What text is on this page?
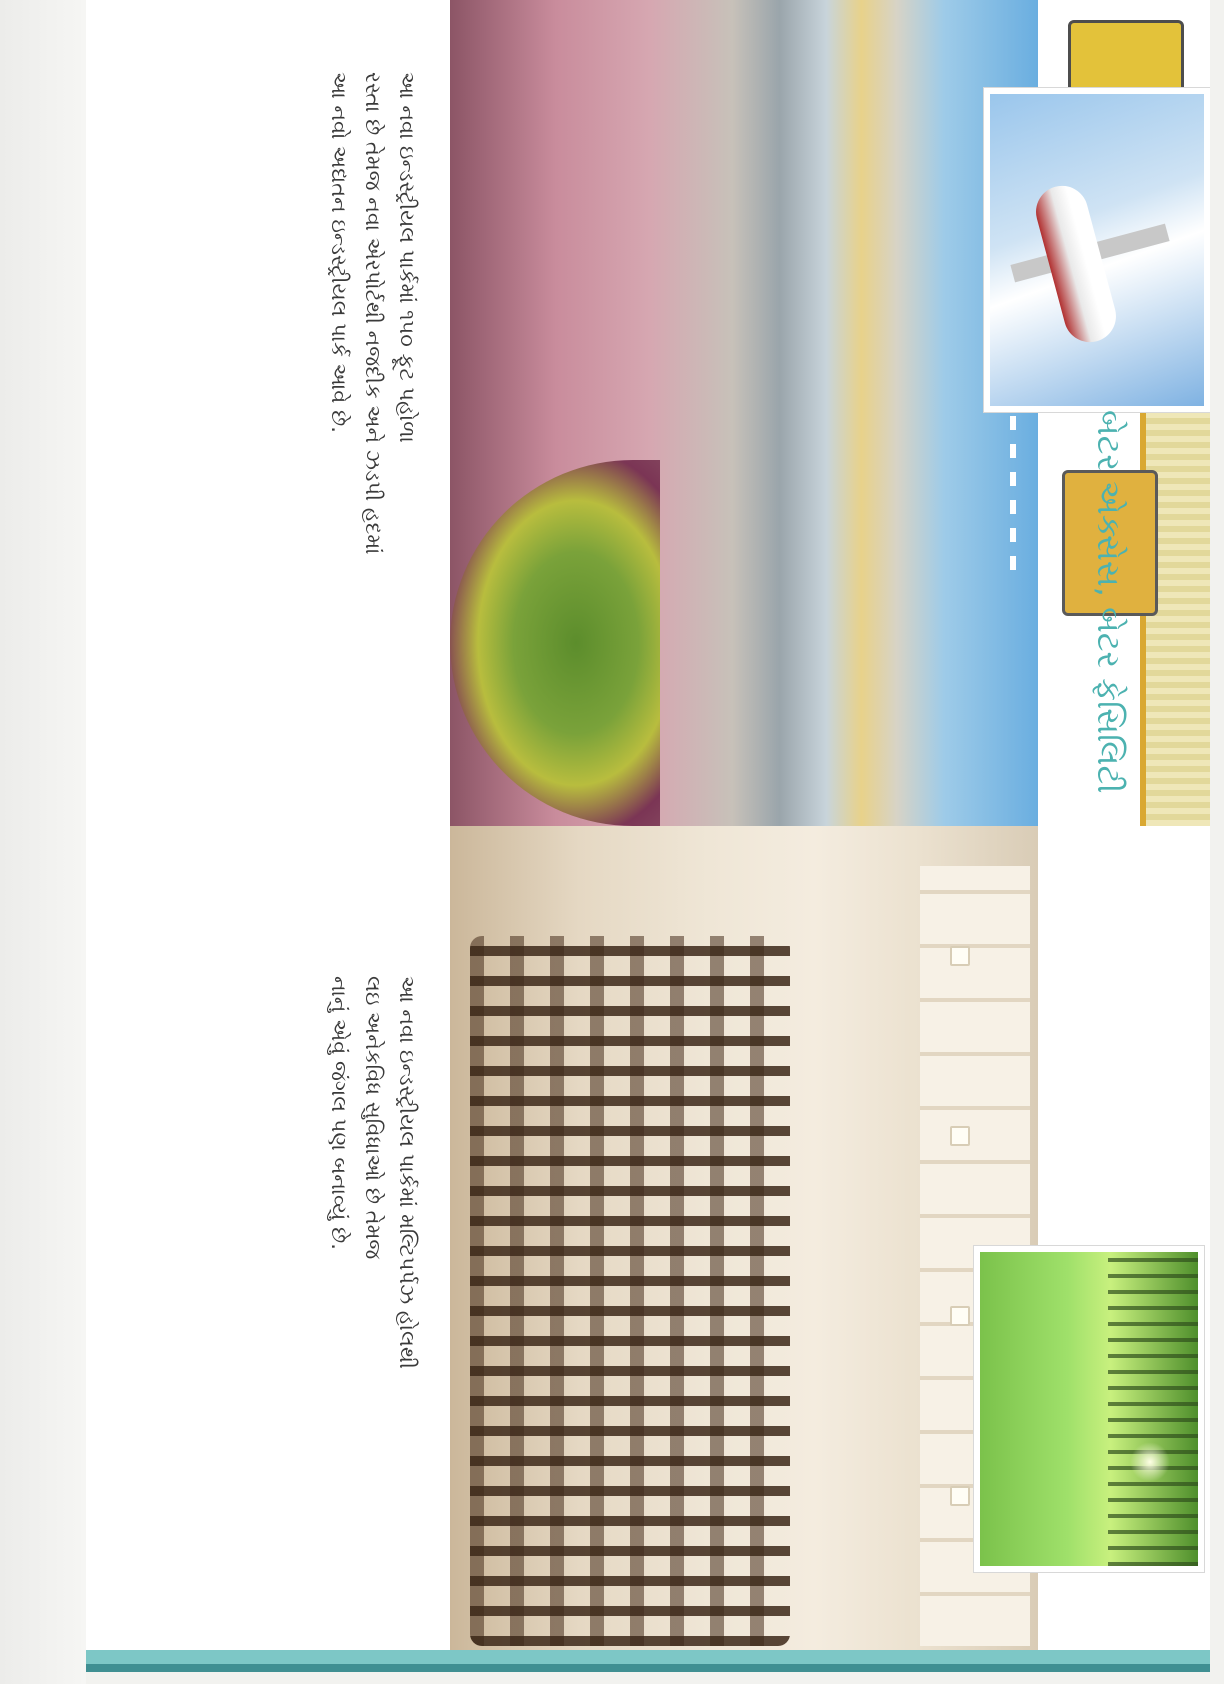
બેટર એક્સેસ, બેટર ફેસિલિટી

આ નવા ઇન્ડસ્ટ્રીયલ પાર્કમાં ૧૫૦ ફૂટ પહોળા

રસ્તા છે તેમજ નવા એરપોર્ટથી નજદીક અને ઝડપી હદમાં

આ નવો અદ્યતન ઇન્ડસ્ટ્રીયલ પાર્ક આવે છે.

આ નવા ઇન્ડસ્ટ્રીયલ પાર્કમાં મલ્ટિપર્પઝ હોલથી

લઇ અનેકવિધ સુવિધાઓ છે તેમજ

નાનું એવું જંગલ પણ બનાવ્યું છે.
